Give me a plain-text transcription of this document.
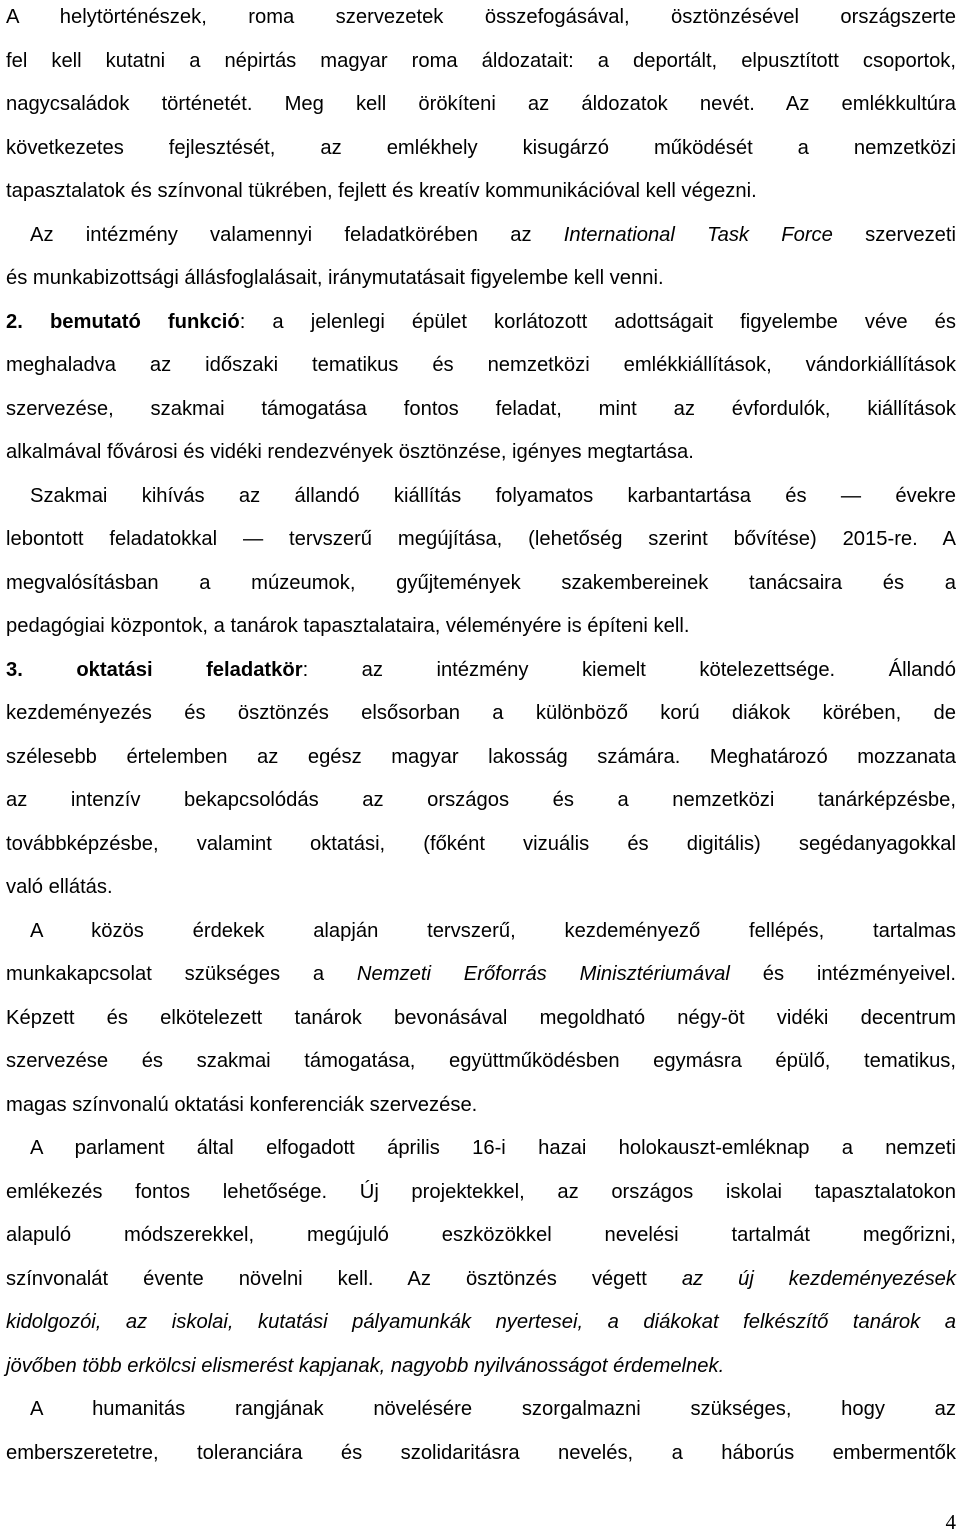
A helytörténészek, roma szervezetek összefogásával, ösztönzésével országszerte
fel kell kutatni a népirtás magyar roma áldozatait: a deportált, elpusztított csoportok,
nagycsaládok történetét. Meg kell örökíteni az áldozatok nevét. Az emlékkultúra
következetes fejlesztését, az emlékhely kisugárzó működését a nemzetközi
tapasztalatok és színvonal tükrében, fejlett és kreatív kommunikációval kell végezni.
Az intézmény valamennyi feladatkörében az International Task Force szervezeti
és munkabizottsági állásfoglalásait, iránymutatásait figyelembe kell venni.
2. bemutató funkció: a jelenlegi épület korlátozott adottságait figyelembe véve és
meghaladva az időszaki tematikus és nemzetközi emlékkiállítások, vándorkiállítások
szervezése, szakmai támogatása fontos feladat, mint az évfordulók, kiállítások
alkalmával fővárosi és vidéki rendezvények ösztönzése, igényes megtartása.
Szakmai kihívás az állandó kiállítás folyamatos karbantartása és — évekre
lebontott feladatokkal — tervszerű megújítása, (lehetőség szerint bővítése) 2015-re. A
megvalósításban a múzeumok, gyűjtemények szakembereinek tanácsaira és a
pedagógiai központok, a tanárok tapasztalataira, véleményére is építeni kell.
3. oktatási feladatkör: az intézmény kiemelt kötelezettsége. Állandó
kezdeményezés és ösztönzés elsősorban a különböző korú diákok körében, de
szélesebb értelemben az egész magyar lakosság számára. Meghatározó mozzanata
az intenzív bekapcsolódás az országos és a nemzetközi tanárképzésbe,
továbbképzésbe, valamint oktatási, (főként vizuális és digitális) segédanyagokkal
való ellátás.
A közös érdekek alapján tervszerű, kezdeményező fellépés, tartalmas
munkakapcsolat szükséges a Nemzeti Erőforrás Minisztériumával és intézményeivel.
Képzett és elkötelezett tanárok bevonásával megoldható négy-öt vidéki decentrum
szervezése és szakmai támogatása, együttműködésben egymásra épülő, tematikus,
magas színvonalú oktatási konferenciák szervezése.
A parlament által elfogadott április 16-i hazai holokauszt-emléknap a nemzeti
emlékezés fontos lehetősége. Új projektekkel, az országos iskolai tapasztalatokon
alapuló módszerekkel, megújuló eszközökkel nevelési tartalmát megőrizni,
színvonalát évente növelni kell. Az ösztönzés végett az új kezdeményezések
kidolgozói, az iskolai, kutatási pályamunkák nyertesei, a diákokat felkészítő tanárok a
jövőben több erkölcsi elismerést kapjanak, nagyobb nyilvánosságot érdemelnek.
A humanitás rangjának növelésére szorgalmazni szükséges, hogy az
emberszeretetre, toleranciára és szolidaritásra nevelés, a háborús embermentők
4
